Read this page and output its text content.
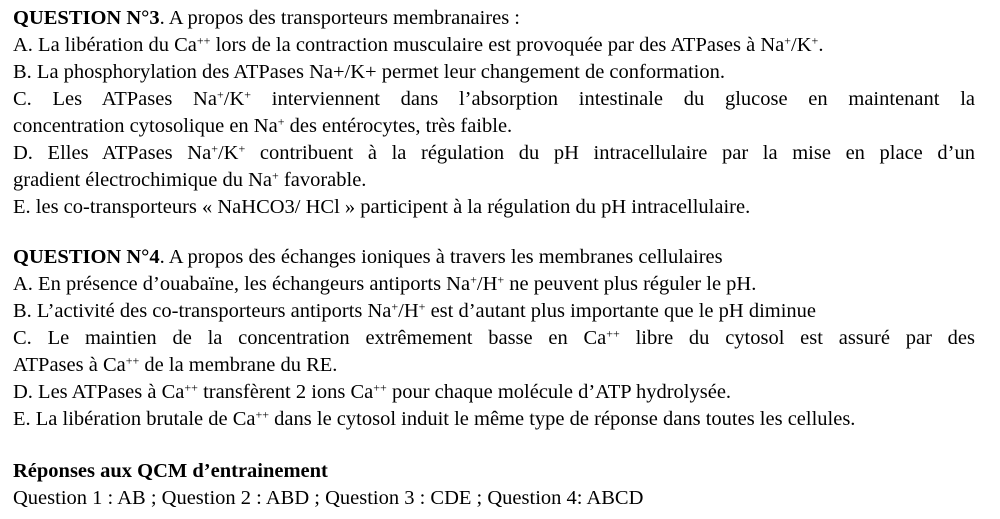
QUESTION N°3. A propos des transporteurs membranaires :
A. La libération du Ca++ lors de la contraction musculaire est provoquée par des ATPases à Na+/K+.
B. La phosphorylation des ATPases Na+/K+ permet leur changement de conformation.
C. Les ATPases Na+/K+ interviennent dans l’absorption intestinale du glucose en maintenant la
concentration cytosolique en Na+ des entérocytes, très faible.
D. Elles ATPases Na+/K+ contribuent à la régulation du pH intracellulaire par la mise en place d’un
gradient électrochimique du Na+ favorable.
E. les co-transporteurs « NaHCO3/ HCl » participent à la régulation du pH intracellulaire.
QUESTION N°4. A propos des échanges ioniques à travers les membranes cellulaires
A. En présence d’ouabaïne, les échangeurs antiports Na+/H+ ne peuvent plus réguler le pH.
B. L’activité des co-transporteurs antiports Na+/H+ est d’autant plus importante que le pH diminue
C. Le maintien de la concentration extrêmement basse en Ca++ libre du cytosol est assuré par des
ATPases à Ca++ de la membrane du RE.
D. Les ATPases à Ca++ transfèrent 2 ions Ca++ pour chaque molécule d’ATP hydrolysée.
E. La libération brutale de Ca++ dans le cytosol induit le même type de réponse dans toutes les cellules.
Réponses aux QCM d’entrainement
Question 1 : AB ; Question 2 : ABD ; Question 3 : CDE ; Question 4: ABCD
